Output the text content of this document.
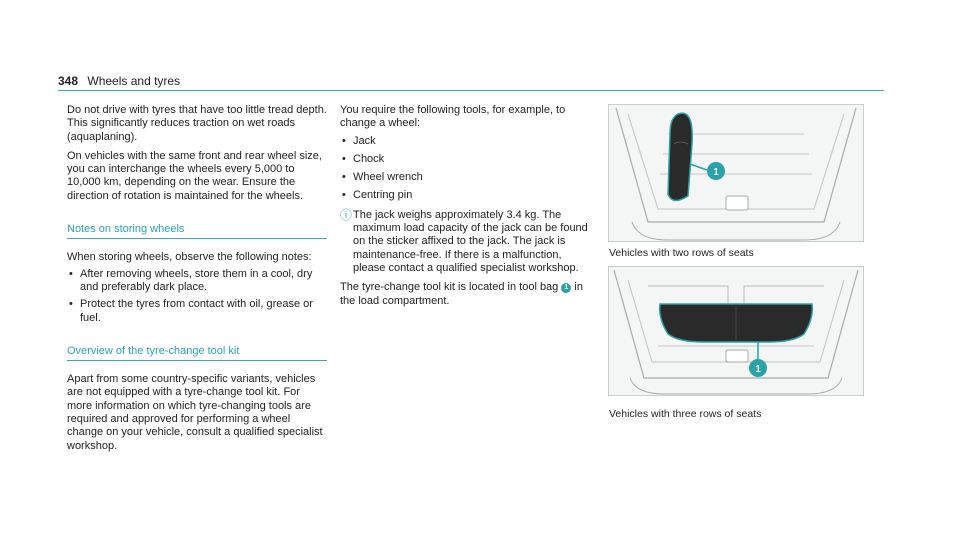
348 Wheels and tyres

Do not drive with tyres that have too little tread depth. This significantly reduces traction on wet roads (aquaplaning).

On vehicles with the same front and rear wheel size, you can interchange the wheels every 5,000 to 10,000 km, depending on the wear. Ensure the direction of rotation is maintained for the wheels.

Notes on storing wheels

When storing wheels, observe the following notes:

• After removing wheels, store them in a cool, dry and preferably dark place.
• Protect the tyres from contact with oil, grease or fuel.
Overview of the tyre-change tool kit

Apart from some country-specific variants, vehicles are not equipped with a tyre-change tool kit. For more information on which tyre-changing tools are required and approved for performing a wheel change on your vehicle, consult a qualified specialist workshop.

You require the following tools, for example, to change a wheel:

• Jack
• Chock
• Wheel wrench
• Centring pin
ⓘ The jack weighs approximately 3.4 kg. The maximum load capacity of the jack can be found on the sticker affixed to the jack. The jack is maintenance-free. If there is a malfunction, please contact a qualified specialist workshop.

The tyre-change tool kit is located in tool bag 1 in the load compartment.

1
Vehicles with two rows of seats
1
Vehicles with three rows of seats
